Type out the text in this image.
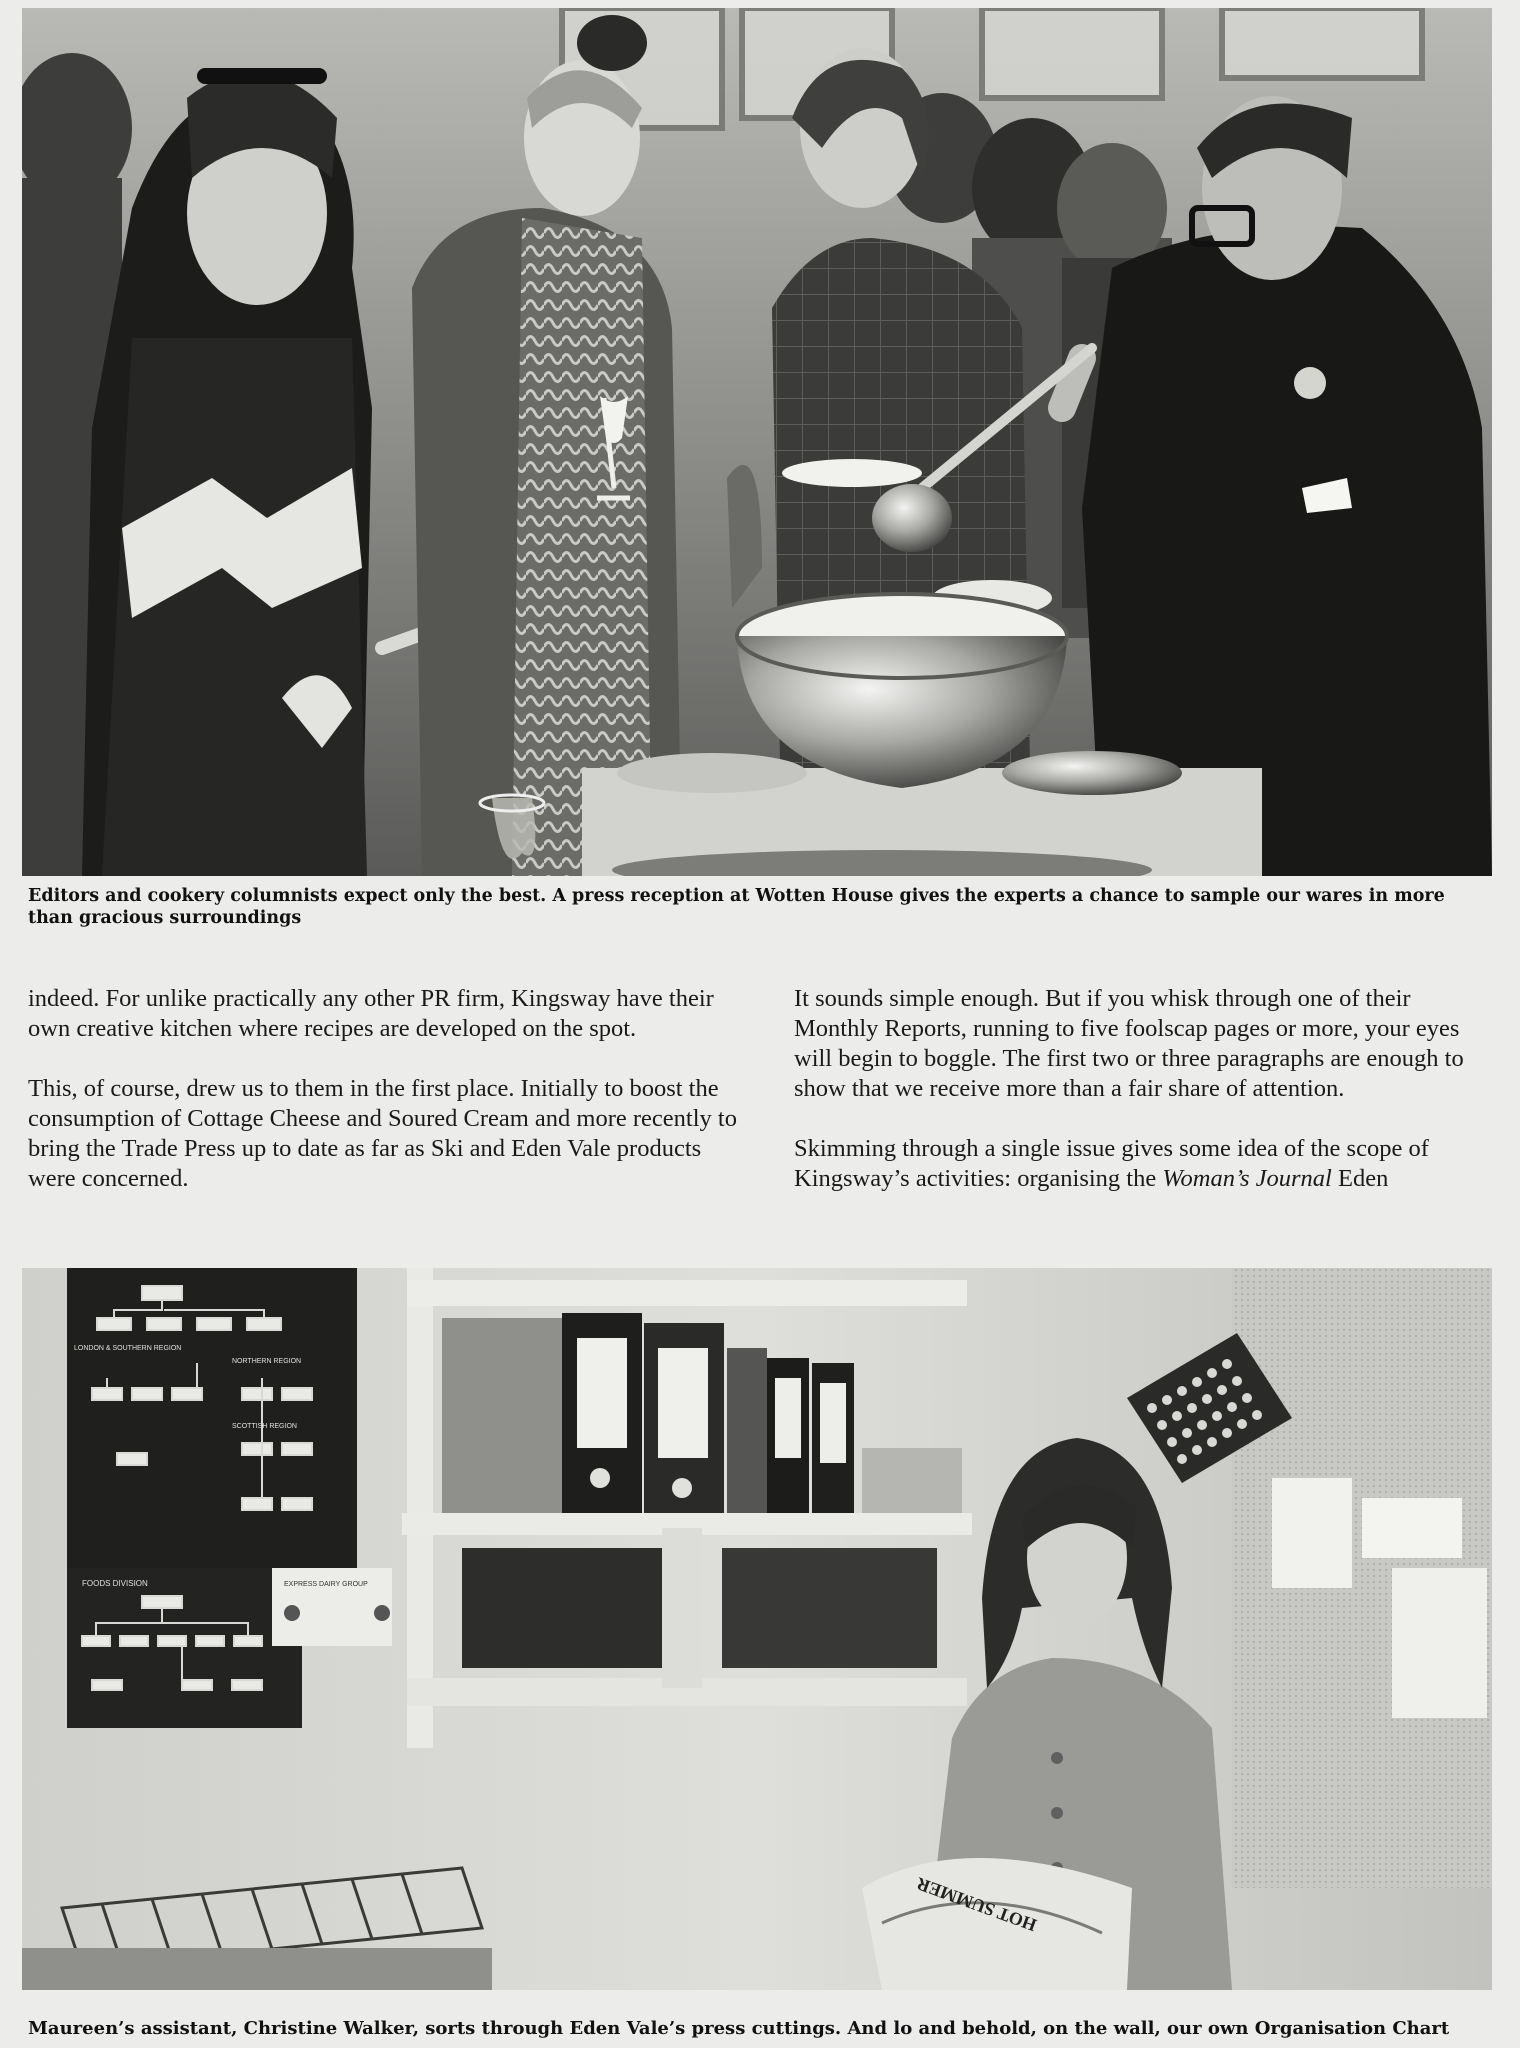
Editors and cookery columnists expect only the best. A press reception at Wotten House gives the experts a chance to sample our wares in more than gracious surroundings

indeed. For unlike practically any other PR firm, Kingsway have their own creative kitchen where recipes are developed on the spot.

This, of course, drew us to them in the first place. Initially to boost the consumption of Cottage Cheese and Soured Cream and more recently to bring the Trade Press up to date as far as Ski and Eden Vale products were concerned.

It sounds simple enough. But if you whisk through one of their Monthly Reports, running to five foolscap pages or more, your eyes will begin to boggle. The first two or three paragraphs are enough to show that we receive more than a fair share of attention.

Skimming through a single issue gives some idea of the scope of Kingsway’s activities: organising the Woman’s Journal Eden

LONDON & SOUTHERN REGION
NORTHERN REGION
SCOTTISH REGION
FOODS DIVISION	EXPRESS DAIRY GROUP
HOT SUMMER
Maureen’s assistant, Christine Walker, sorts through Eden Vale’s press cuttings. And lo and behold, on the wall, our own Organisation Chart
